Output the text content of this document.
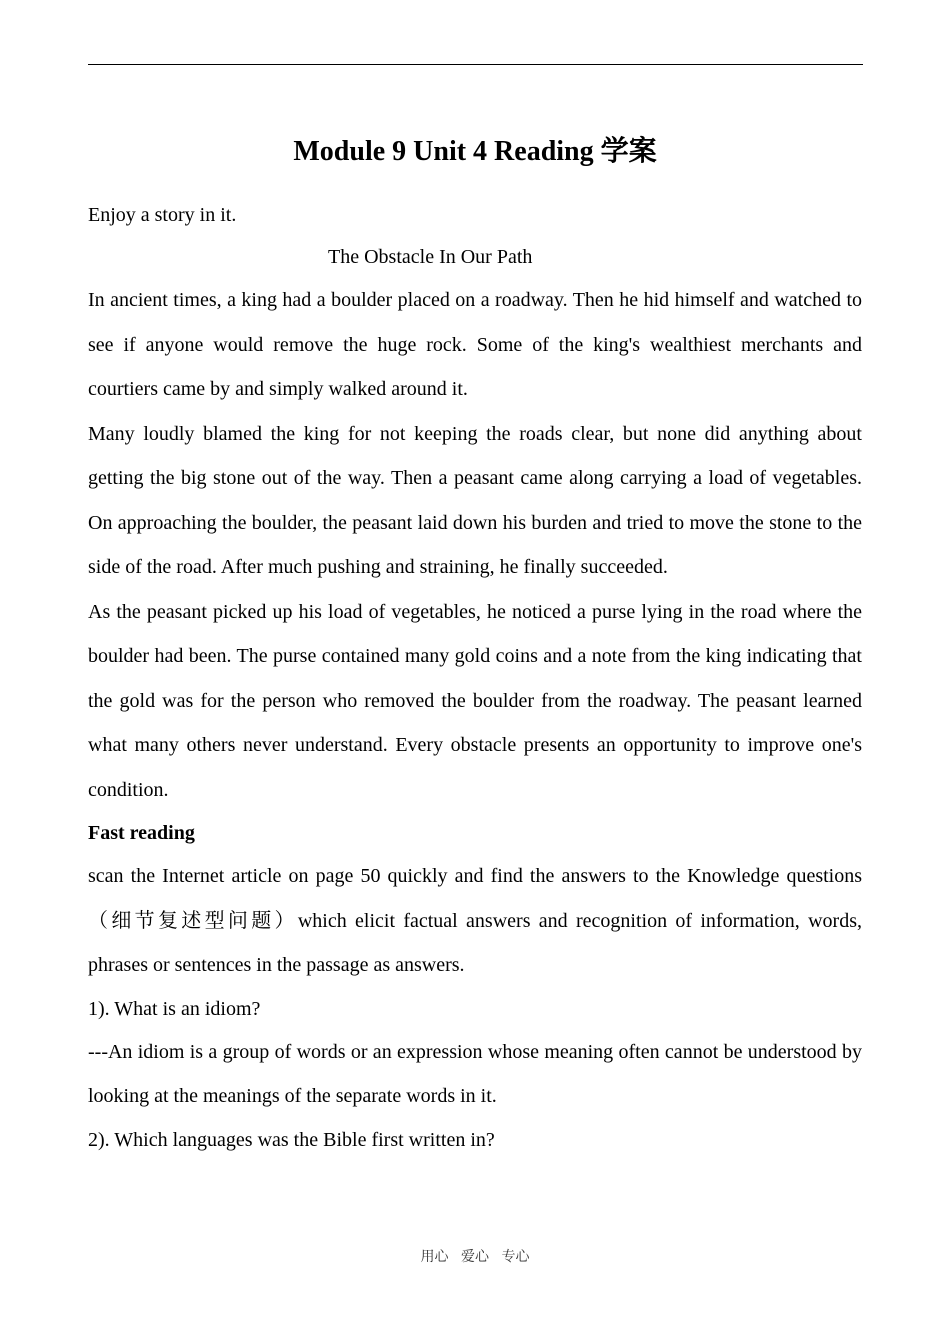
Module 9 Unit 4 Reading 学案

Enjoy a story in it.

The Obstacle In Our Path

In ancient times, a king had a boulder placed on a roadway. Then he hid himself and watched to see if anyone would remove the huge rock. Some of the king's wealthiest merchants and courtiers came by and simply walked around it.

Many loudly blamed the king for not keeping the roads clear, but none did anything about getting the big stone out of the way. Then a peasant came along carrying a load of vegetables. On approaching the boulder, the peasant laid down his burden and tried to move the stone to the side of the road. After much pushing and straining, he finally succeeded.

As the peasant picked up his load of vegetables, he noticed a purse lying in the road where the boulder had been. The purse contained many gold coins and a note from the king indicating that the gold was for the person who removed the boulder from the roadway. The peasant learned what many others never understand. Every obstacle presents an opportunity to improve one's condition.

Fast reading

scan the Internet article on page 50 quickly and find the answers to the Knowledge questions（细节复述型问题）which elicit factual answers and recognition of information, words, phrases or sentences in the passage as answers.

1). What is an idiom?

---An idiom is a group of words or an expression whose meaning often cannot be understood by looking at the meanings of the separate words in it.

2). Which languages was the Bible first written in?

用心 爱心 专心
